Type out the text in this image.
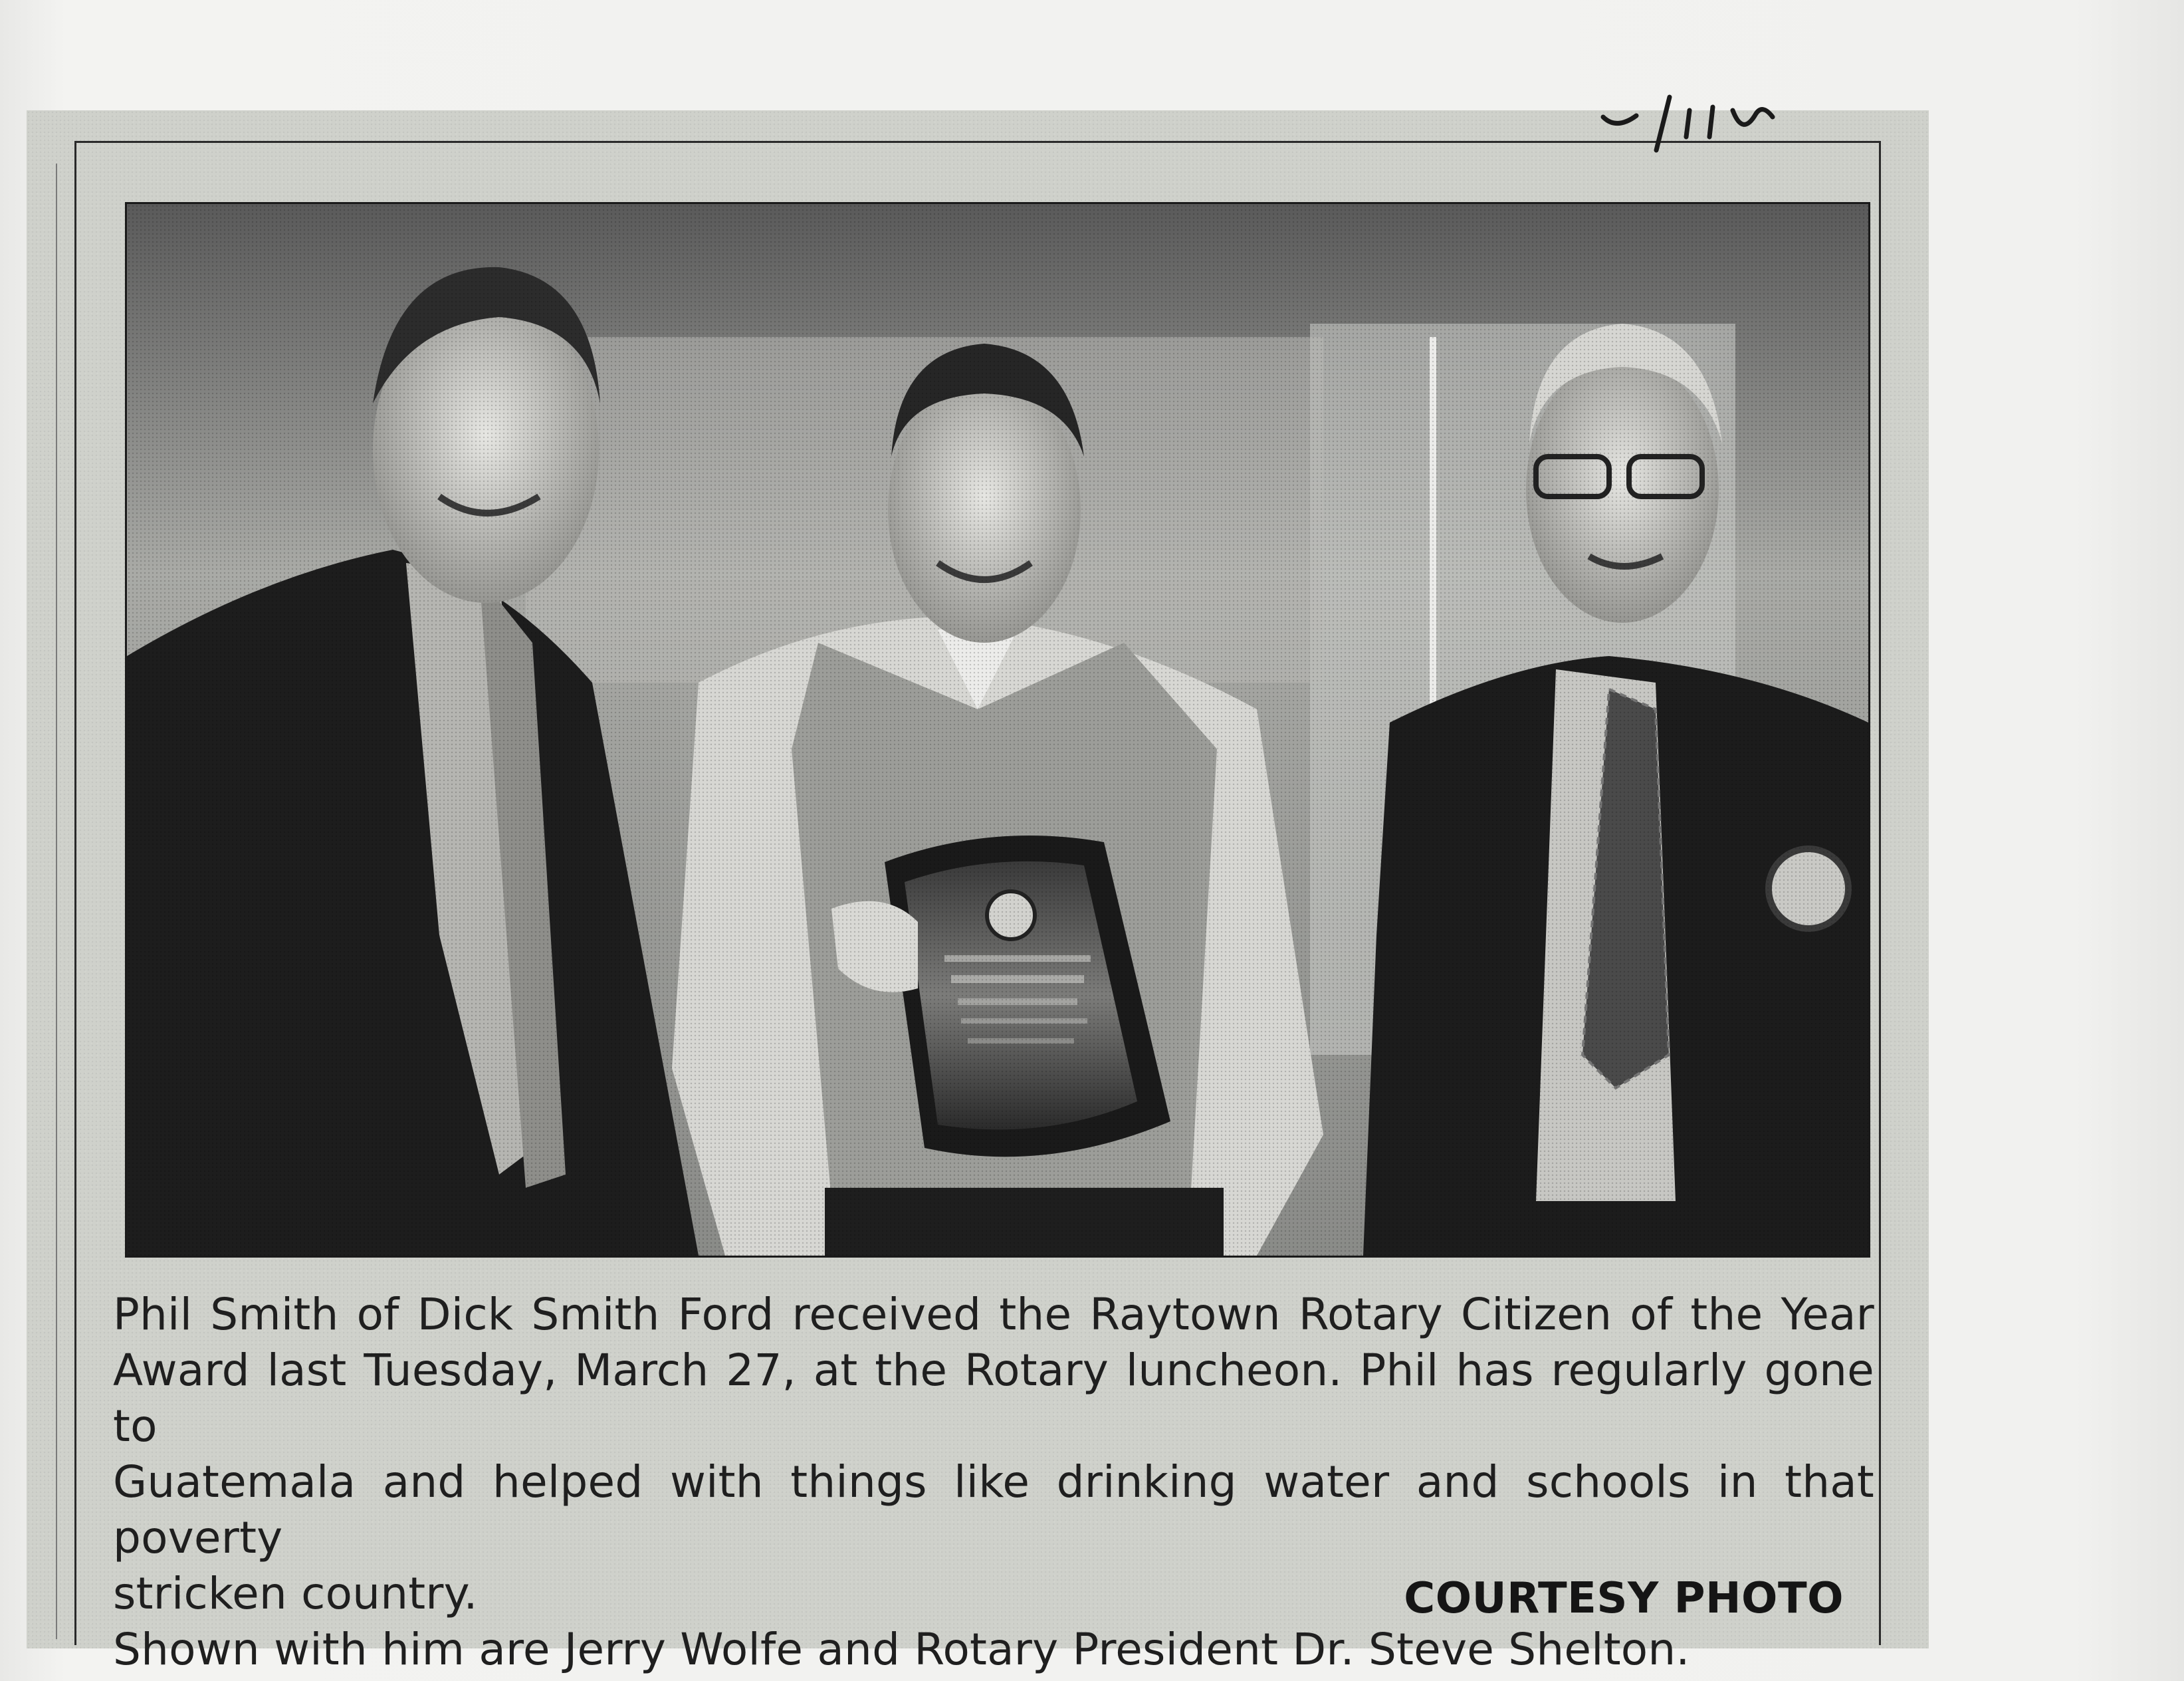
Phil Smith of Dick Smith Ford received the Raytown Rotary Citizen of the Year
Award last Tuesday, March 27, at the Rotary luncheon. Phil has regularly gone to
Guatemala and helped with things like drinking water and schools in that poverty
stricken country.
Shown with him are Jerry Wolfe and Rotary President Dr. Steve Shelton.
COURTESY PHOTO
